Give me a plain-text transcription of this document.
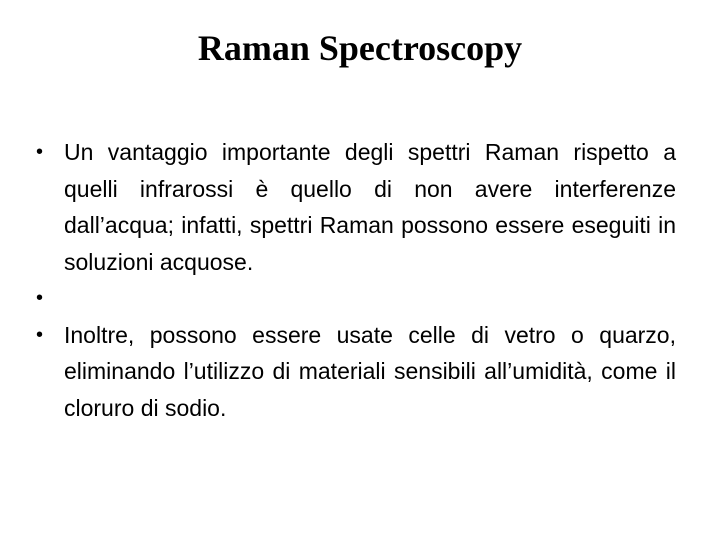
Raman Spectroscopy
• Un vantaggio importante degli spettri Raman rispetto a quelli infrarossi è quello di non avere interferenze dall’acqua; infatti, spettri Raman possono essere eseguiti in soluzioni acquose.
•
• Inoltre, possono essere usate celle di vetro o quarzo, eliminando l’utilizzo di materiali sensibili all’umidità, come il cloruro di sodio.
